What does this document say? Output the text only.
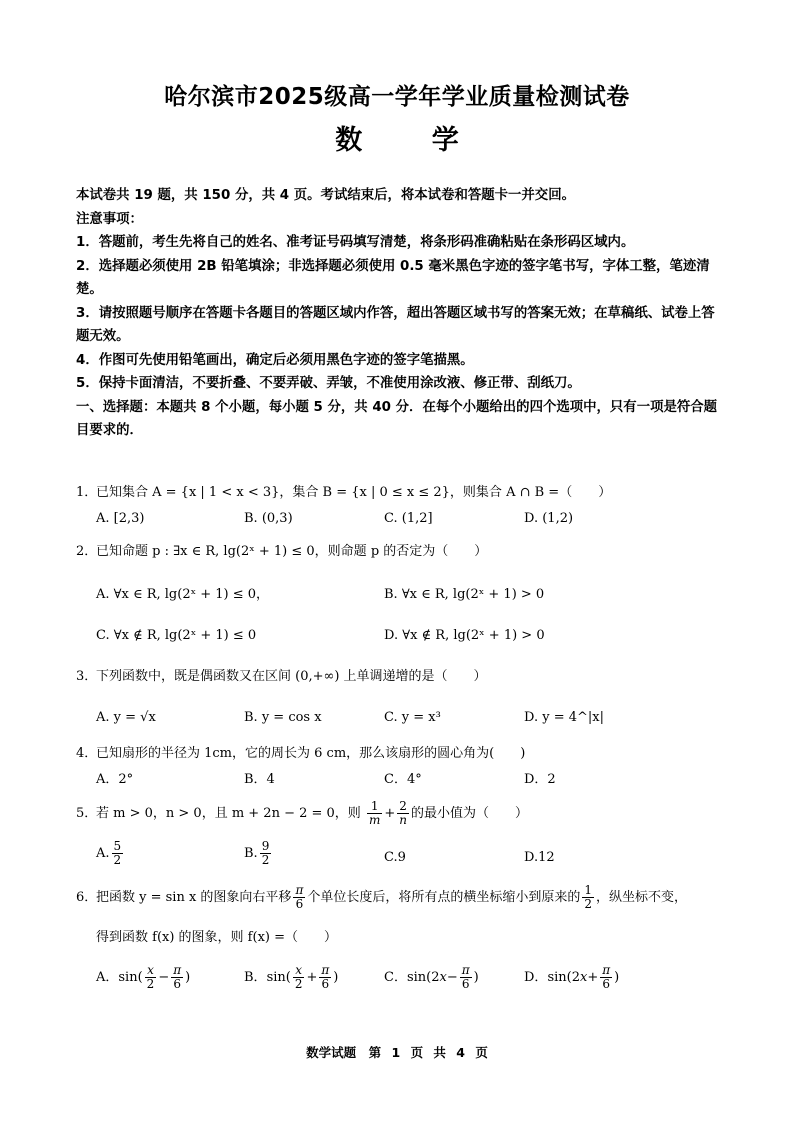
哈尔滨市2025级高一学年学业质量检测试卷
数 学

本试卷共 19 题，共 150 分，共 4 页。考试结束后，将本试卷和答题卡一并交回。

注意事项：

1．答题前，考生先将自己的姓名、准考证号码填写清楚，将条形码准确粘贴在条形码区域内。

2．选择题必须使用 2B 铅笔填涂；非选择题必须使用 0.5 毫米黑色字迹的签字笔书写，字体工整，笔迹清楚。

3．请按照题号顺序在答题卡各题目的答题区域内作答，超出答题区域书写的答案无效；在草稿纸、试卷上答题无效。

4．作图可先使用铅笔画出，确定后必须用黑色字迹的签字笔描黑。

5．保持卡面清洁，不要折叠、不要弄破、弄皱，不准使用涂改液、修正带、刮纸刀。

一、选择题：本题共 8 个小题，每小题 5 分，共 40 分．在每个小题给出的四个选项中，只有一项是符合题目要求的．

1．已知集合 A = {x | 1 < x < 3}，集合 B = {x | 0 ≤ x ≤ 2}，则集合 A ∩ B =（　　）
A. [2,3)	B. (0,3)	C. (1,2]	D. (1,2)
2．已知命题 p : ∃x ∈ R, lg(2ˣ + 1) ≤ 0，则命题 p 的否定为（　　）
A. ∀x ∈ R, lg(2ˣ + 1) ≤ 0，	B. ∀x ∈ R, lg(2ˣ + 1) > 0
C. ∀x ∉ R, lg(2ˣ + 1) ≤ 0	D. ∀x ∉ R, lg(2ˣ + 1) > 0
3．下列函数中，既是偶函数又在区间 (0,+∞) 上单调递增的是（　　）
A. y = √x	B. y = cos x	C. y = x³	D. y = 4^|x|
4．已知扇形的半径为 1cm，它的周长为 6 cm，那么该扇形的圆心角为(　　)
A．2°	B．4	C．4°	D．2
5．若 m > 0，n > 0，且 m + 2n − 2 = 0，则 $\frac{1}{m} + \frac{2}{n}$ 的最小值为（　　）
A. $\frac{5}{2}$	B. $\frac{9}{2}$	C.9	D.12
6．把函数 y = sin x 的图象向右平移 $\frac{\pi}{6}$ 个单位长度后，将所有点的横坐标缩小到原来的 $\frac{1}{2}$ ，纵坐标不变，
得到函数 f(x) 的图象，则 f(x) =（　　）
A．$\sin( \frac{x}{2} - \frac{\pi}{6}$ )	B．$\sin( \frac{x}{2} + \frac{\pi}{6}$ )	C．$\sin(2x- \frac{\pi}{6}$ )	D．$\sin(2x+ \frac{\pi}{6}$ )
数学试题　第 1 页 共 4 页
